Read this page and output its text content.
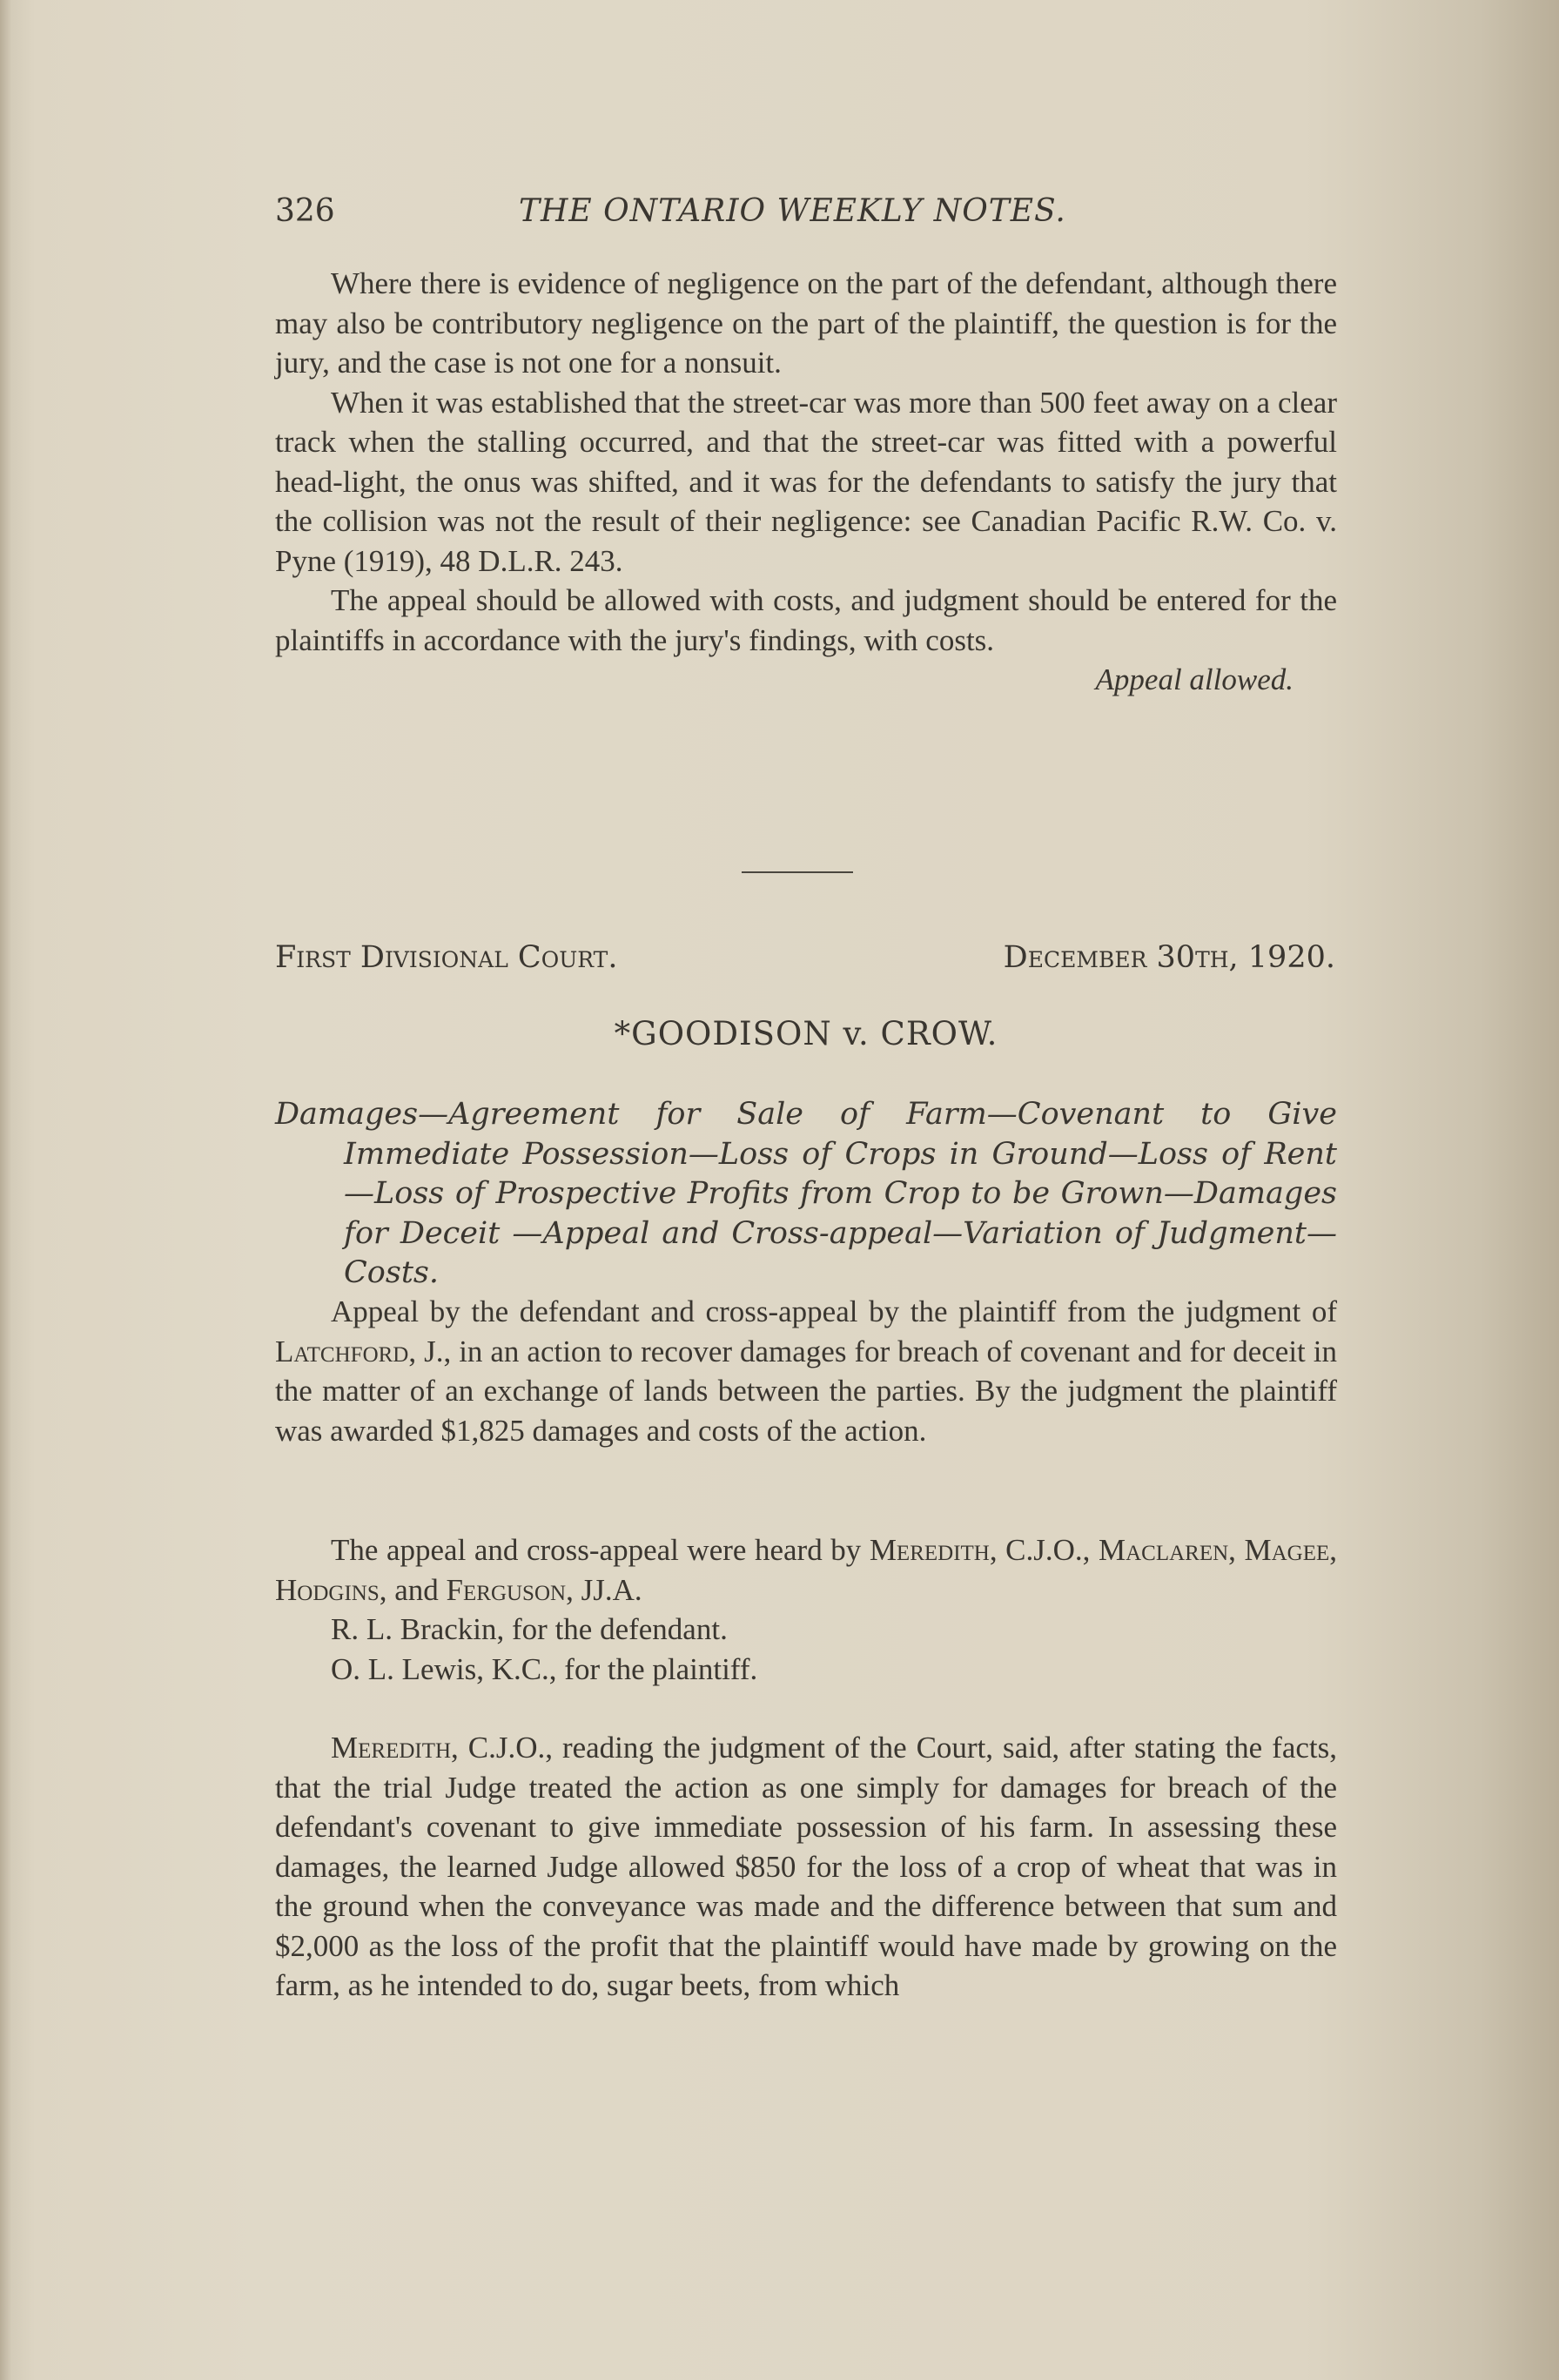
326	THE ONTARIO WEEKLY NOTES.

Where there is evidence of negligence on the part of the defendant, although there may also be contributory negligence on the part of the plaintiff, the question is for the jury, and the case is not one for a nonsuit.

When it was established that the street-car was more than 500 feet away on a clear track when the stalling occurred, and that the street-car was fitted with a powerful head-light, the onus was shifted, and it was for the defendants to satisfy the jury that the collision was not the result of their negligence: see Canadian Pacific R.W. Co. v. Pyne (1919), 48 D.L.R. 243.

The appeal should be allowed with costs, and judgment should be entered for the plaintiffs in accordance with the jury's findings, with costs.

Appeal allowed.

First Divisional Court.	December 30th, 1920.
*GOODISON v. CROW.

Damages—Agreement for Sale of Farm—Covenant to Give Immediate Possession—Loss of Crops in Ground—Loss of Rent—Loss of Prospective Profits from Crop to be Grown—Damages for Deceit —Appeal and Cross-appeal—Variation of Judgment—Costs.

Appeal by the defendant and cross-appeal by the plaintiff from the judgment of Latchford, J., in an action to recover damages for breach of covenant and for deceit in the matter of an exchange of lands between the parties. By the judgment the plaintiff was awarded $1,825 damages and costs of the action.

The appeal and cross-appeal were heard by Meredith, C.J.O., Maclaren, Magee, Hodgins, and Ferguson, JJ.A.

R. L. Brackin, for the defendant.

O. L. Lewis, K.C., for the plaintiff.

Meredith, C.J.O., reading the judgment of the Court, said, after stating the facts, that the trial Judge treated the action as one simply for damages for breach of the defendant's covenant to give immediate possession of his farm. In assessing these damages, the learned Judge allowed $850 for the loss of a crop of wheat that was in the ground when the conveyance was made and the difference between that sum and $2,000 as the loss of the profit that the plaintiff would have made by growing on the farm, as he intended to do, sugar beets, from which
